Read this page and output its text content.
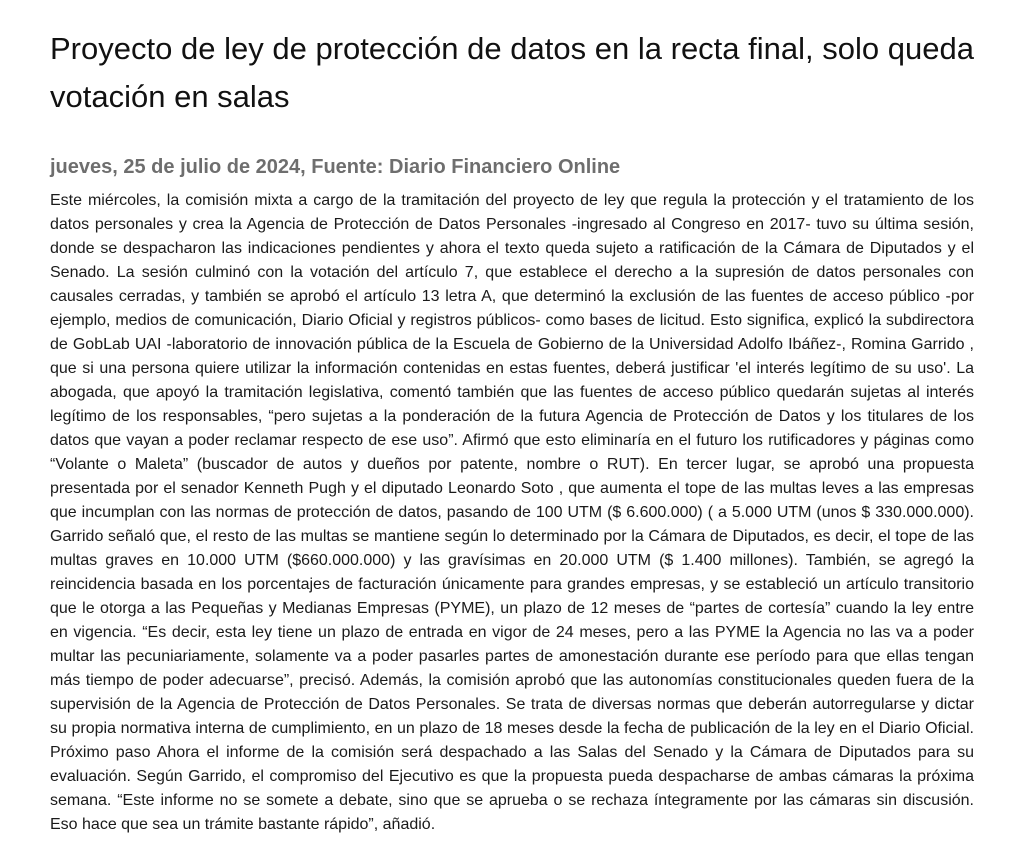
Proyecto de ley de protección de datos en la recta final, solo queda votación en salas
jueves, 25 de julio de 2024, Fuente: Diario Financiero Online

Este miércoles, la comisión mixta a cargo de la tramitación del proyecto de ley que regula la protección y el tratamiento de los datos personales y crea la Agencia de Protección de Datos Personales -ingresado al Congreso en 2017- tuvo su última sesión, donde se despacharon las indicaciones pendientes y ahora el texto queda sujeto a ratificación de la Cámara de Diputados y el Senado. La sesión culminó con la votación del artículo 7, que establece el derecho a la supresión de datos personales con causales cerradas, y también se aprobó el artículo 13 letra A, que determinó la exclusión de las fuentes de acceso público -por ejemplo, medios de comunicación, Diario Oficial y registros públicos- como bases de licitud. Esto significa, explicó la subdirectora de GobLab UAI -laboratorio de innovación pública de la Escuela de Gobierno de la Universidad Adolfo Ibáñez-, Romina Garrido , que si una persona quiere utilizar la información contenidas en estas fuentes, deberá justificar 'el interés legítimo de su uso'. La abogada, que apoyó la tramitación legislativa, comentó también que las fuentes de acceso público quedarán sujetas al interés legítimo de los responsables, “pero sujetas a la ponderación de la futura Agencia de Protección de Datos y los titulares de los datos que vayan a poder reclamar respecto de ese uso”. Afirmó que esto eliminaría en el futuro los rutificadores y páginas como “Volante o Maleta” (buscador de autos y dueños por patente, nombre o RUT). En tercer lugar, se aprobó una propuesta presentada por el senador Kenneth Pugh y el diputado Leonardo Soto , que aumenta el tope de las multas leves a las empresas que incumplan con las normas de protección de datos, pasando de 100 UTM ($ 6.600.000) ( a 5.000 UTM (unos $ 330.000.000). Garrido señaló que, el resto de las multas se mantiene según lo determinado por la Cámara de Diputados, es decir, el tope de las multas graves en 10.000 UTM ($660.000.000) y las gravísimas en 20.000 UTM ($ 1.400 millones). También, se agregó la reincidencia basada en los porcentajes de facturación únicamente para grandes empresas, y se estableció un artículo transitorio que le otorga a las Pequeñas y Medianas Empresas (PYME), un plazo de 12 meses de “partes de cortesía” cuando la ley entre en vigencia. “Es decir, esta ley tiene un plazo de entrada en vigor de 24 meses, pero a las PYME la Agencia no las va a poder multar las pecuniariamente, solamente va a poder pasarles partes de amonestación durante ese período para que ellas tengan más tiempo de poder adecuarse”, precisó. Además, la comisión aprobó que las autonomías constitucionales queden fuera de la supervisión de la Agencia de Protección de Datos Personales. Se trata de diversas normas que deberán autorregularse y dictar su propia normativa interna de cumplimiento, en un plazo de 18 meses desde la fecha de publicación de la ley en el Diario Oficial. Próximo paso Ahora el informe de la comisión será despachado a las Salas del Senado y la Cámara de Diputados para su evaluación. Según Garrido, el compromiso del Ejecutivo es que la propuesta pueda despacharse de ambas cámaras la próxima semana. “Este informe no se somete a debate, sino que se aprueba o se rechaza íntegramente por las cámaras sin discusión. Eso hace que sea un trámite bastante rápido”, añadió.
